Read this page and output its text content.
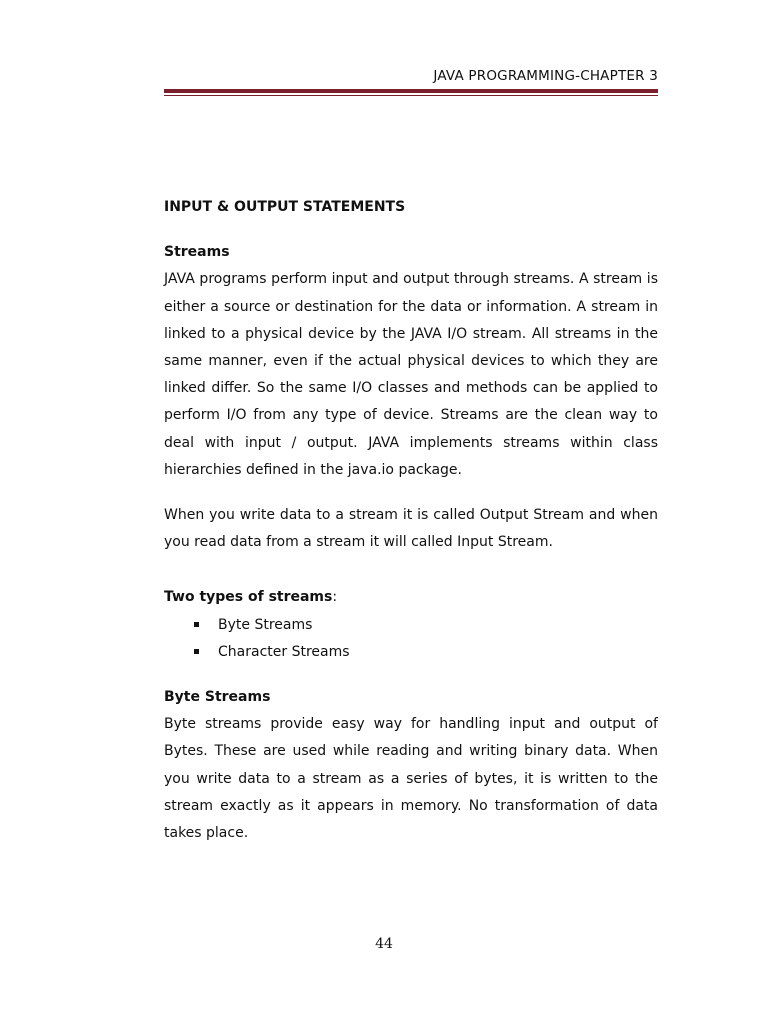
JAVA PROGRAMMING-CHAPTER 3
INPUT & OUTPUT STATEMENTS
Streams

JAVA programs perform input and output through streams. A stream is either a source or destination for the data or information. A stream in linked to a physical device by the JAVA I/O stream. All streams in the same manner, even if the actual physical devices to which they are linked differ. So the same I/O classes and methods can be applied to perform I/O from any type of device. Streams are the clean way to deal with input / output. JAVA implements streams within class hierarchies defined in the java.io package.

When you write data to a stream it is called Output Stream and when you read data from a stream it will called Input Stream.

Two types of streams:
Byte Streams
Character Streams
Byte Streams

Byte streams provide easy way for handling input and output of Bytes. These are used while reading and writing binary data. When you write data to a stream as a series of bytes, it is written to the stream exactly as it appears in memory. No transformation of data takes place.

44
